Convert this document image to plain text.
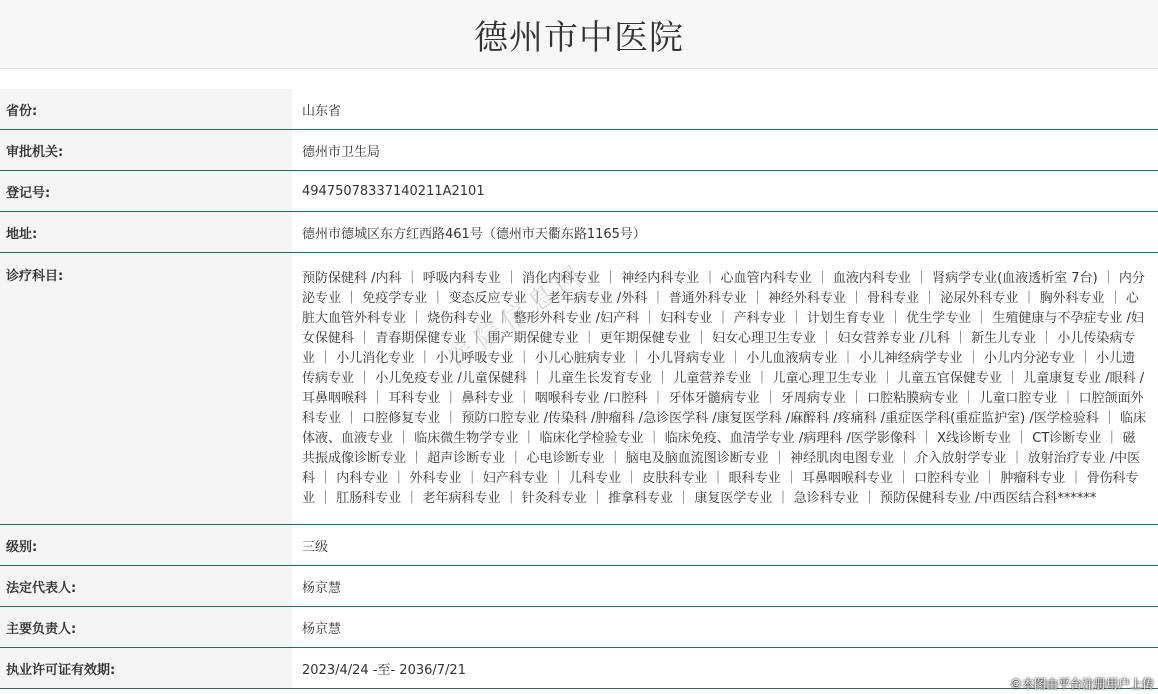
德州市中医院
省份:	山东省
审批机关:	德州市卫生局
登记号:	49475078337140211A2101
地址:	德州市德城区东方红西路461号（德州市天衢东路1165号）
诊疗科目:	预防保健科 /内科 ｜ 呼吸内科专业 ｜ 消化内科专业 ｜ 神经内科专业 ｜ 心血管内科专业 ｜ 血液内科专业 ｜ 肾病学专业(血液透析室 7台) ｜ 内分泌专业 ｜ 免疫学专业 ｜ 变态反应专业 ｜ 老年病专业 /外科 ｜ 普通外科专业 ｜ 神经外科专业 ｜ 骨科专业 ｜ 泌尿外科专业 ｜ 胸外科专业 ｜ 心脏大血管外科专业 ｜ 烧伤科专业 ｜ 整形外科专业 /妇产科 ｜ 妇科专业 ｜ 产科专业 ｜ 计划生育专业 ｜ 优生学专业 ｜ 生殖健康与不孕症专业 /妇女保健科 ｜ 青春期保健专业 ｜ 围产期保健专业 ｜ 更年期保健专业 ｜ 妇女心理卫生专业 ｜ 妇女营养专业 /儿科 ｜ 新生儿专业 ｜ 小儿传染病专业 ｜ 小儿消化专业 ｜ 小儿呼吸专业 ｜ 小儿心脏病专业 ｜ 小儿肾病专业 ｜ 小儿血液病专业 ｜ 小儿神经病学专业 ｜ 小儿内分泌专业 ｜ 小儿遗传病专业 ｜ 小儿免疫专业 /儿童保健科 ｜ 儿童生长发育专业 ｜ 儿童营养专业 ｜ 儿童心理卫生专业 ｜ 儿童五官保健专业 ｜ 儿童康复专业 /眼科 /耳鼻咽喉科 ｜ 耳科专业 ｜ 鼻科专业 ｜ 咽喉科专业 /口腔科 ｜ 牙体牙髓病专业 ｜ 牙周病专业 ｜ 口腔粘膜病专业 ｜ 儿童口腔专业 ｜ 口腔颌面外科专业 ｜ 口腔修复专业 ｜ 预防口腔专业 /传染科 /肿瘤科 /急诊医学科 /康复医学科 /麻醉科 /疼痛科 /重症医学科(重症监护室) /医学检验科 ｜ 临床体液、血液专业 ｜ 临床微生物学专业 ｜ 临床化学检验专业 ｜ 临床免疫、血清学专业 /病理科 /医学影像科 ｜ X线诊断专业 ｜ CT诊断专业 ｜ 磁共振成像诊断专业 ｜ 超声诊断专业 ｜ 心电诊断专业 ｜ 脑电及脑血流图诊断专业 ｜ 神经肌肉电图专业 ｜ 介入放射学专业 ｜ 放射治疗专业 /中医科 ｜ 内科专业 ｜ 外科专业 ｜ 妇产科专业 ｜ 儿科专业 ｜ 皮肤科专业 ｜ 眼科专业 ｜ 耳鼻咽喉科专业 ｜ 口腔科专业 ｜ 肿瘤科专业 ｜ 骨伤科专业 ｜ 肛肠科专业 ｜ 老年病科专业 ｜ 针灸科专业 ｜ 推拿科专业 ｜ 康复医学专业 ｜ 急诊科专业 ｜ 预防保健科专业 /中西医结合科******
级别:	三级
法定代表人:	杨京慧
主要负责人:	杨京慧
执业许可证有效期:	2023/4/24 -至- 2036/7/21
医院信息网
©本图由平台注册用户上传
